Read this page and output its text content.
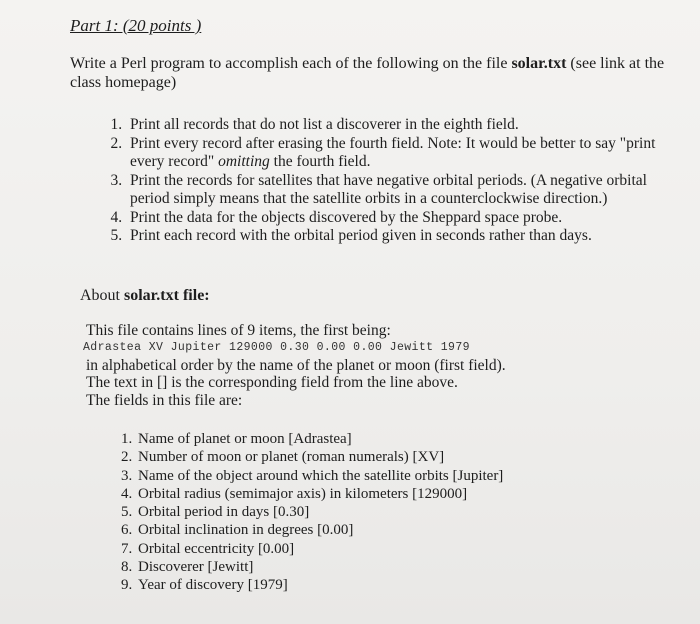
Part 1: (20 points )
Write a Perl program to accomplish each of the following on the file solar.txt (see link at the class homepage)
1. Print all records that do not list a discoverer in the eighth field.
2. Print every record after erasing the fourth field. Note: It would be better to say "print every record" omitting the fourth field.
3. Print the records for satellites that have negative orbital periods. (A negative orbital period simply means that the satellite orbits in a counterclockwise direction.)
4. Print the data for the objects discovered by the Sheppard space probe.
5. Print each record with the orbital period given in seconds rather than days.
About solar.txt file:
This file contains lines of 9 items, the first being:
Adrastea XV Jupiter 129000 0.30 0.00 0.00 Jewitt 1979
in alphabetical order by the name of the planet or moon (first field).
The text in [] is the corresponding field from the line above.
The fields in this file are:
1. Name of planet or moon [Adrastea]
2. Number of moon or planet (roman numerals) [XV]
3. Name of the object around which the satellite orbits [Jupiter]
4. Orbital radius (semimajor axis) in kilometers [129000]
5. Orbital period in days [0.30]
6. Orbital inclination in degrees [0.00]
7. Orbital eccentricity [0.00]
8. Discoverer [Jewitt]
9. Year of discovery [1979]
